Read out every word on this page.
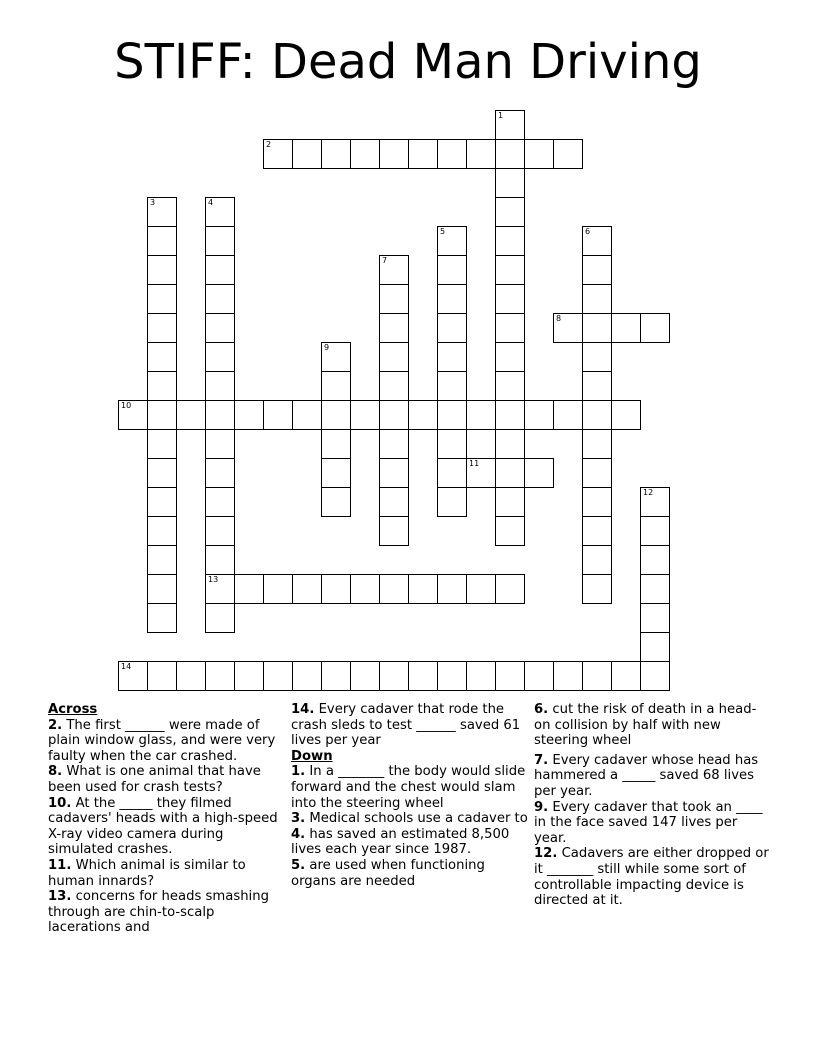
STIFF: Dead Man Driving
2
8
10
11
13
14
1
3	4
5	6
7
9
12
Across

2. The first ______ were made of plain window glass, and were very faulty when the car crashed.

8. What is one animal that have been used for crash tests?

10. At the _____ they filmed cadavers' heads with a high-speed X-ray video camera during simulated crashes.

11. Which animal is similar to human innards?

13. concerns for heads smashing through are chin-to-scalp lacerations and

14. Every cadaver that rode the crash sleds to test ______ saved 61 lives per year

Down

1. In a _______ the body would slide forward and the chest would slam into the steering wheel

3. Medical schools use a cadaver to

4. has saved an estimated 8,500 lives each year since 1987.

5. are used when functioning organs are needed

6. cut the risk of death in a head-on collision by half with new steering wheel

7. Every cadaver whose head has hammered a _____ saved 68 lives per year.

9. Every cadaver that took an ____ in the face saved 147 lives per year.

12. Cadavers are either dropped or it _______ still while some sort of controllable impacting device is directed at it.
